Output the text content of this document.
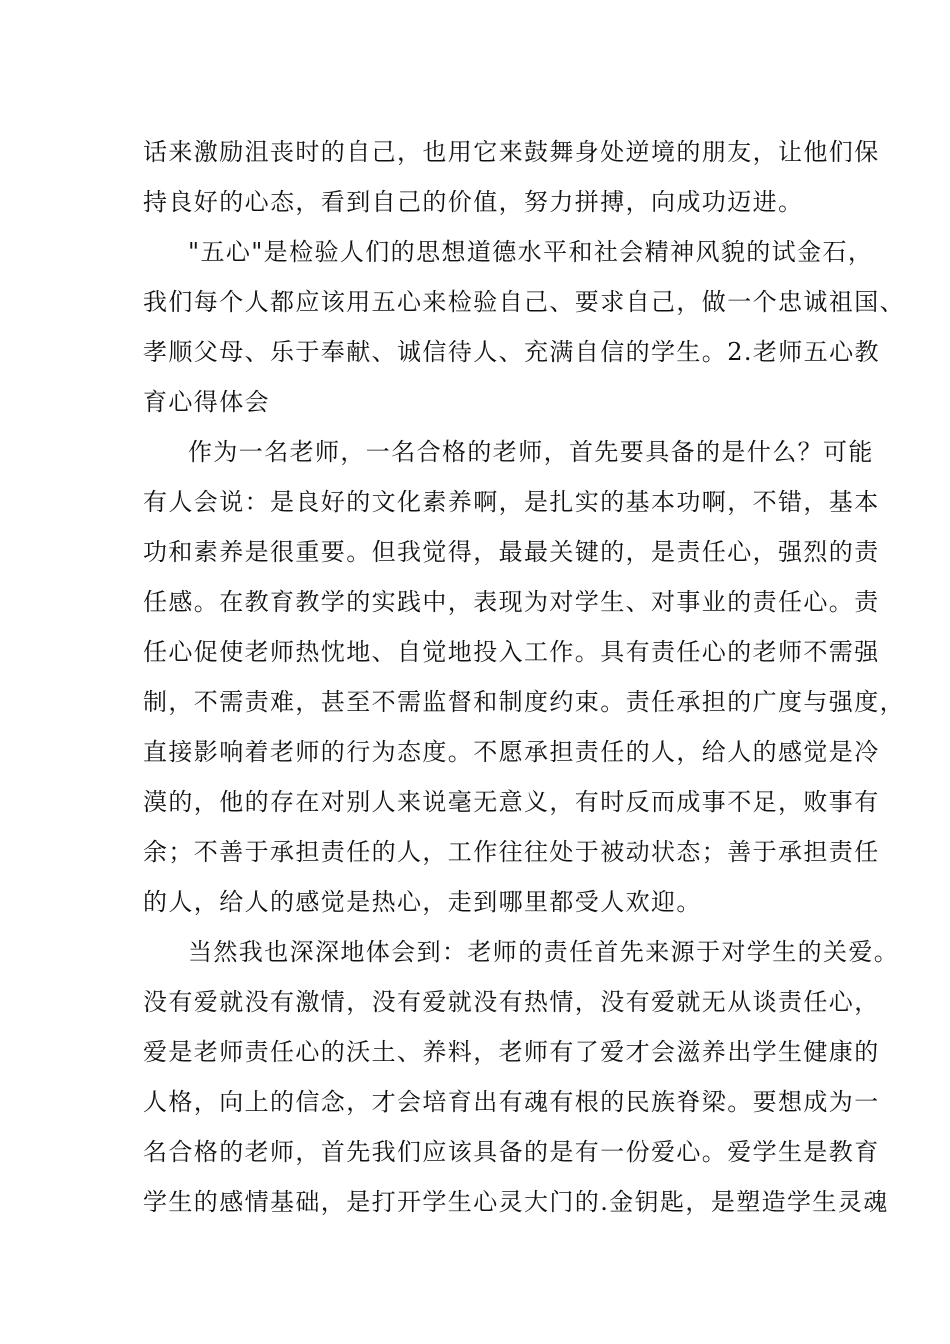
话来激励沮丧时的自己，也用它来鼓舞身处逆境的朋友，让他们保
持良好的心态，看到自己的价值，努力拼搏，向成功迈进。
"五心"是检验人们的思想道德水平和社会精神风貌的试金石，
我们每个人都应该用五心来检验自己、要求自己，做一个忠诚祖国、
孝顺父母、乐于奉献、诚信待人、充满自信的学生。2.老师五心教
育心得体会
作为一名老师，一名合格的老师，首先要具备的是什么？可能
有人会说：是良好的文化素养啊，是扎实的基本功啊，不错，基本
功和素养是很重要。但我觉得，最最关键的，是责任心，强烈的责
任感。在教育教学的实践中，表现为对学生、对事业的责任心。责
任心促使老师热忱地、自觉地投入工作。具有责任心的老师不需强
制，不需责难，甚至不需监督和制度约束。责任承担的广度与强度，
直接影响着老师的行为态度。不愿承担责任的人，给人的感觉是冷
漠的，他的存在对别人来说毫无意义，有时反而成事不足，败事有
余；不善于承担责任的人，工作往往处于被动状态；善于承担责任
的人，给人的感觉是热心，走到哪里都受人欢迎。
当然我也深深地体会到：老师的责任首先来源于对学生的关爱。
没有爱就没有激情，没有爱就没有热情，没有爱就无从谈责任心，
爱是老师责任心的沃土、养料，老师有了爱才会滋养出学生健康的
人格，向上的信念，才会培育出有魂有根的民族脊梁。要想成为一
名合格的老师，首先我们应该具备的是有一份爱心。爱学生是教育
学生的感情基础，是打开学生心灵大门的.金钥匙，是塑造学生灵魂
